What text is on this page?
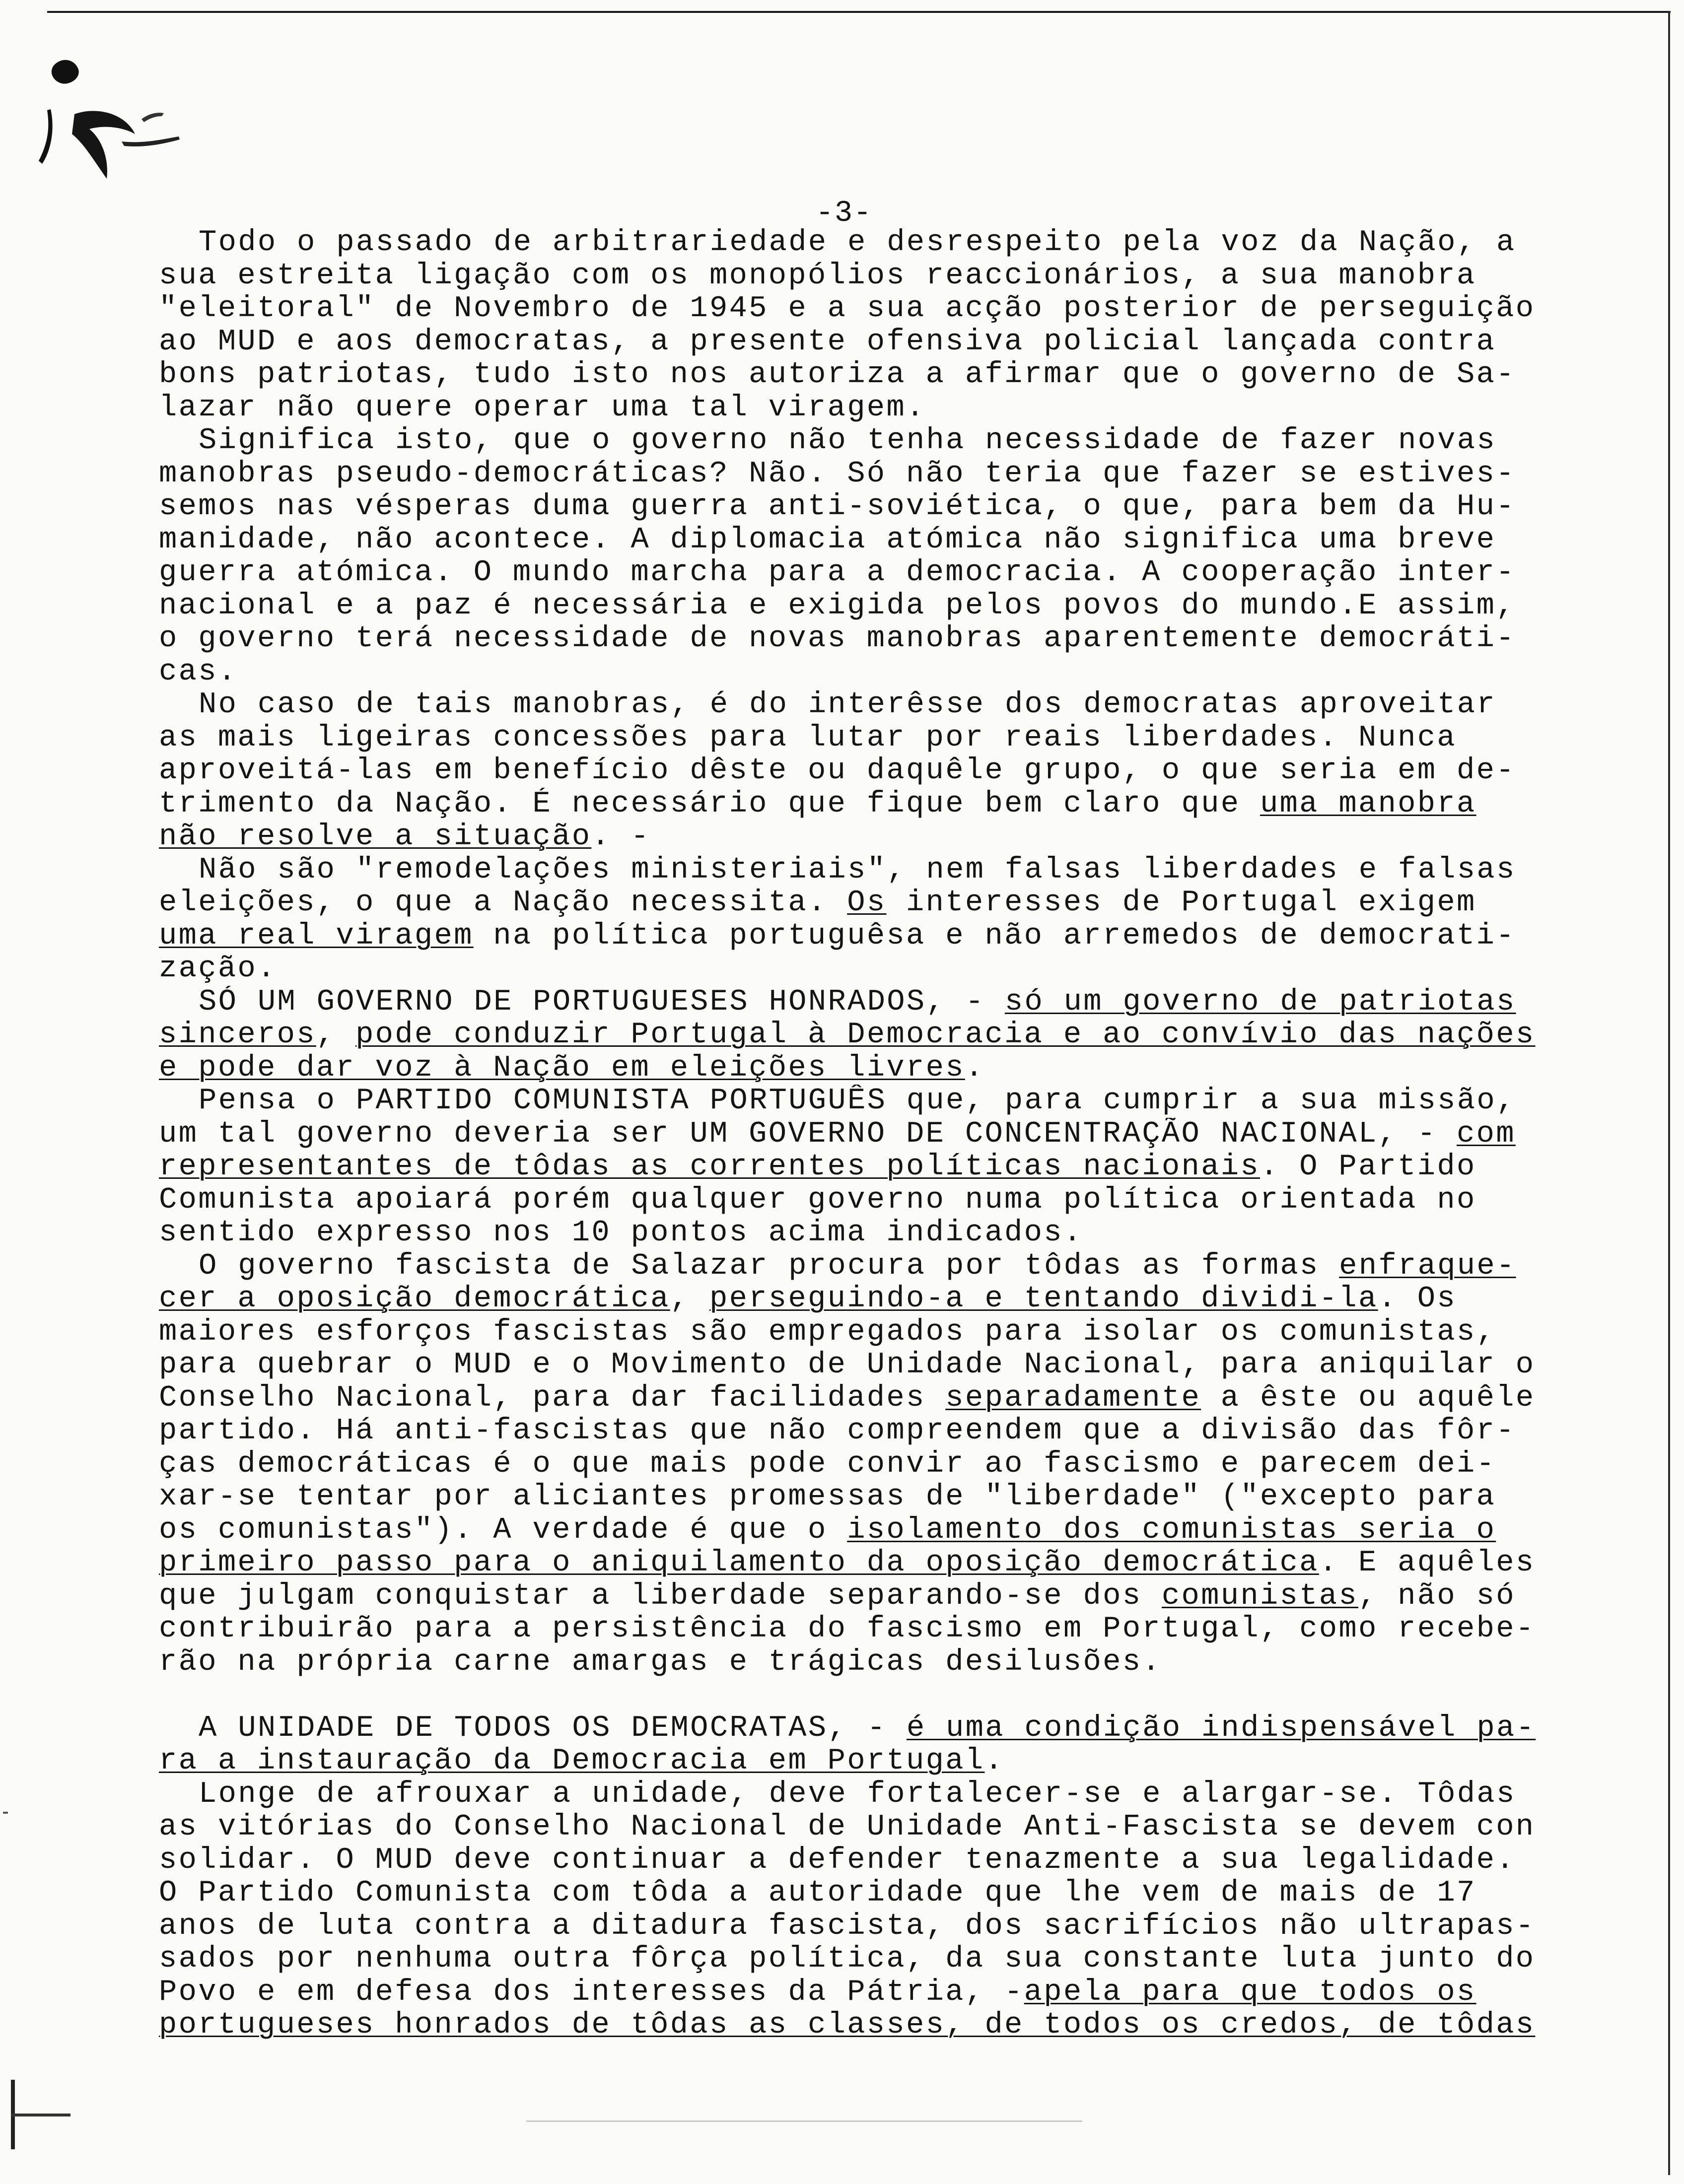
-3-
Todo o passado de arbitrariedade e desrespeito pela voz da Nação, a
sua estreita ligação com os monopólios reaccionários, a sua manobra
"eleitoral" de Novembro de 1945 e a sua acção posterior de perseguição
ao MUD e aos democratas, a presente ofensiva policial lançada contra
bons patriotas, tudo isto nos autoriza a afirmar que o governo de Sa-
lazar não quere operar uma tal viragem.
Significa isto, que o governo não tenha necessidade de fazer novas
manobras pseudo-democráticas? Não. Só não teria que fazer se estives-
semos nas vésperas duma guerra anti-soviética, o que, para bem da Hu-
manidade, não acontece. A diplomacia atómica não significa uma breve
guerra atómica. O mundo marcha para a democracia. A cooperação inter-
nacional e a paz é necessária e exigida pelos povos do mundo.E assim,
o governo terá necessidade de novas manobras aparentemente democráti-
cas.
No caso de tais manobras, é do interêsse dos democratas aproveitar
as mais ligeiras concessões para lutar por reais liberdades. Nunca
aproveitá-las em benefício dêste ou daquêle grupo, o que seria em de-
trimento da Nação. É necessário que fique bem claro que uma manobra
não resolve a situação. -
Não são "remodelações ministeriais", nem falsas liberdades e falsas
eleições, o que a Nação necessita. Os interesses de Portugal exigem
uma real viragem na política portuguêsa e não arremedos de democrati-
zação.
SÓ UM GOVERNO DE PORTUGUESES HONRADOS, - só um governo de patriotas
sinceros, pode conduzir Portugal à Democracia e ao convívio das nações
e pode dar voz à Nação em eleições livres.
Pensa o PARTIDO COMUNISTA PORTUGUÊS que, para cumprir a sua missão,
um tal governo deveria ser UM GOVERNO DE CONCENTRAÇÃO NACIONAL, - com
representantes de tôdas as correntes políticas nacionais. O Partido
Comunista apoiará porém qualquer governo numa política orientada no
sentido expresso nos 10 pontos acima indicados.
O governo fascista de Salazar procura por tôdas as formas enfraque-
cer a oposição democrática, perseguindo-a e tentando dividi-la. Os
maiores esforços fascistas são empregados para isolar os comunistas,
para quebrar o MUD e o Movimento de Unidade Nacional, para aniquilar o
Conselho Nacional, para dar facilidades separadamente a êste ou aquêle
partido. Há anti-fascistas que não compreendem que a divisão das fôr-
ças democráticas é o que mais pode convir ao fascismo e parecem dei-
xar-se tentar por aliciantes promessas de "liberdade" ("excepto para
os comunistas"). A verdade é que o isolamento dos comunistas seria o
primeiro passo para o aniquilamento da oposição democrática. E aquêles
que julgam conquistar a liberdade separando-se dos comunistas, não só
contribuirão para a persistência do fascismo em Portugal, como recebe-
rão na própria carne amargas e trágicas desilusões.
A UNIDADE DE TODOS OS DEMOCRATAS, - é uma condição indispensável pa-
ra a instauração da Democracia em Portugal.
Longe de afrouxar a unidade, deve fortalecer-se e alargar-se. Tôdas
as vitórias do Conselho Nacional de Unidade Anti-Fascista se devem con
solidar. O MUD deve continuar a defender tenazmente a sua legalidade.
O Partido Comunista com tôda a autoridade que lhe vem de mais de 17
anos de luta contra a ditadura fascista, dos sacrifícios não ultrapas-
sados por nenhuma outra fôrça política, da sua constante luta junto do
Povo e em defesa dos interesses da Pátria, -apela para que todos os
portugueses honrados de tôdas as classes, de todos os credos, de tôdas
